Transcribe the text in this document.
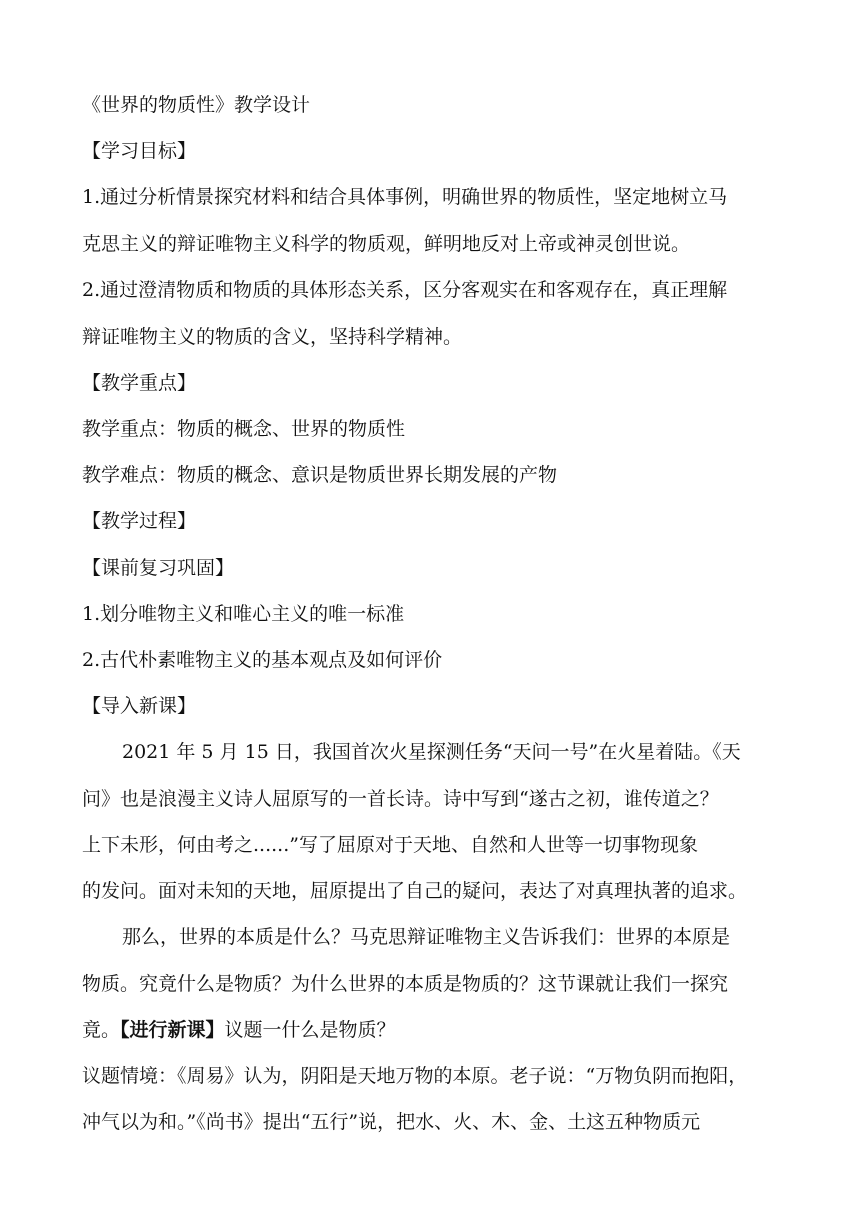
《世界的物质性》教学设计
【学习目标】
1.通过分析情景探究材料和结合具体事例，明确世界的物质性，坚定地树立马
克思主义的辩证唯物主义科学的物质观，鲜明地反对上帝或神灵创世说。
2.通过澄清物质和物质的具体形态关系，区分客观实在和客观存在，真正理解
辩证唯物主义的物质的含义，坚持科学精神。
【教学重点】
教学重点：物质的概念、世界的物质性
教学难点：物质的概念、意识是物质世界长期发展的产物
【教学过程】
【课前复习巩固】
1.划分唯物主义和唯心主义的唯一标准
2.古代朴素唯物主义的基本观点及如何评价
【导入新课】
2021 年 5 月 15 日，我国首次火星探测任务“天问一号”在火星着陆。《天
问》也是浪漫主义诗人屈原写的一首长诗。诗中写到“遂古之初，谁传道之？
上下未形，何由考之......”写了屈原对于天地、自然和人世等一切事物现象
的发问。面对未知的天地，屈原提出了自己的疑问，表达了对真理执著的追求。
那么，世界的本质是什么？马克思辩证唯物主义告诉我们：世界的本原是
物质。究竟什么是物质？为什么世界的本质是物质的？这节课就让我们一探究
竟。【进行新课】议题一什么是物质？
议题情境：《周易》认为，阴阳是天地万物的本原。老子说：“万物负阴而抱阳，
冲气以为和。”《尚书》提出“五行”说，把水、火、木、金、土这五种物质元
